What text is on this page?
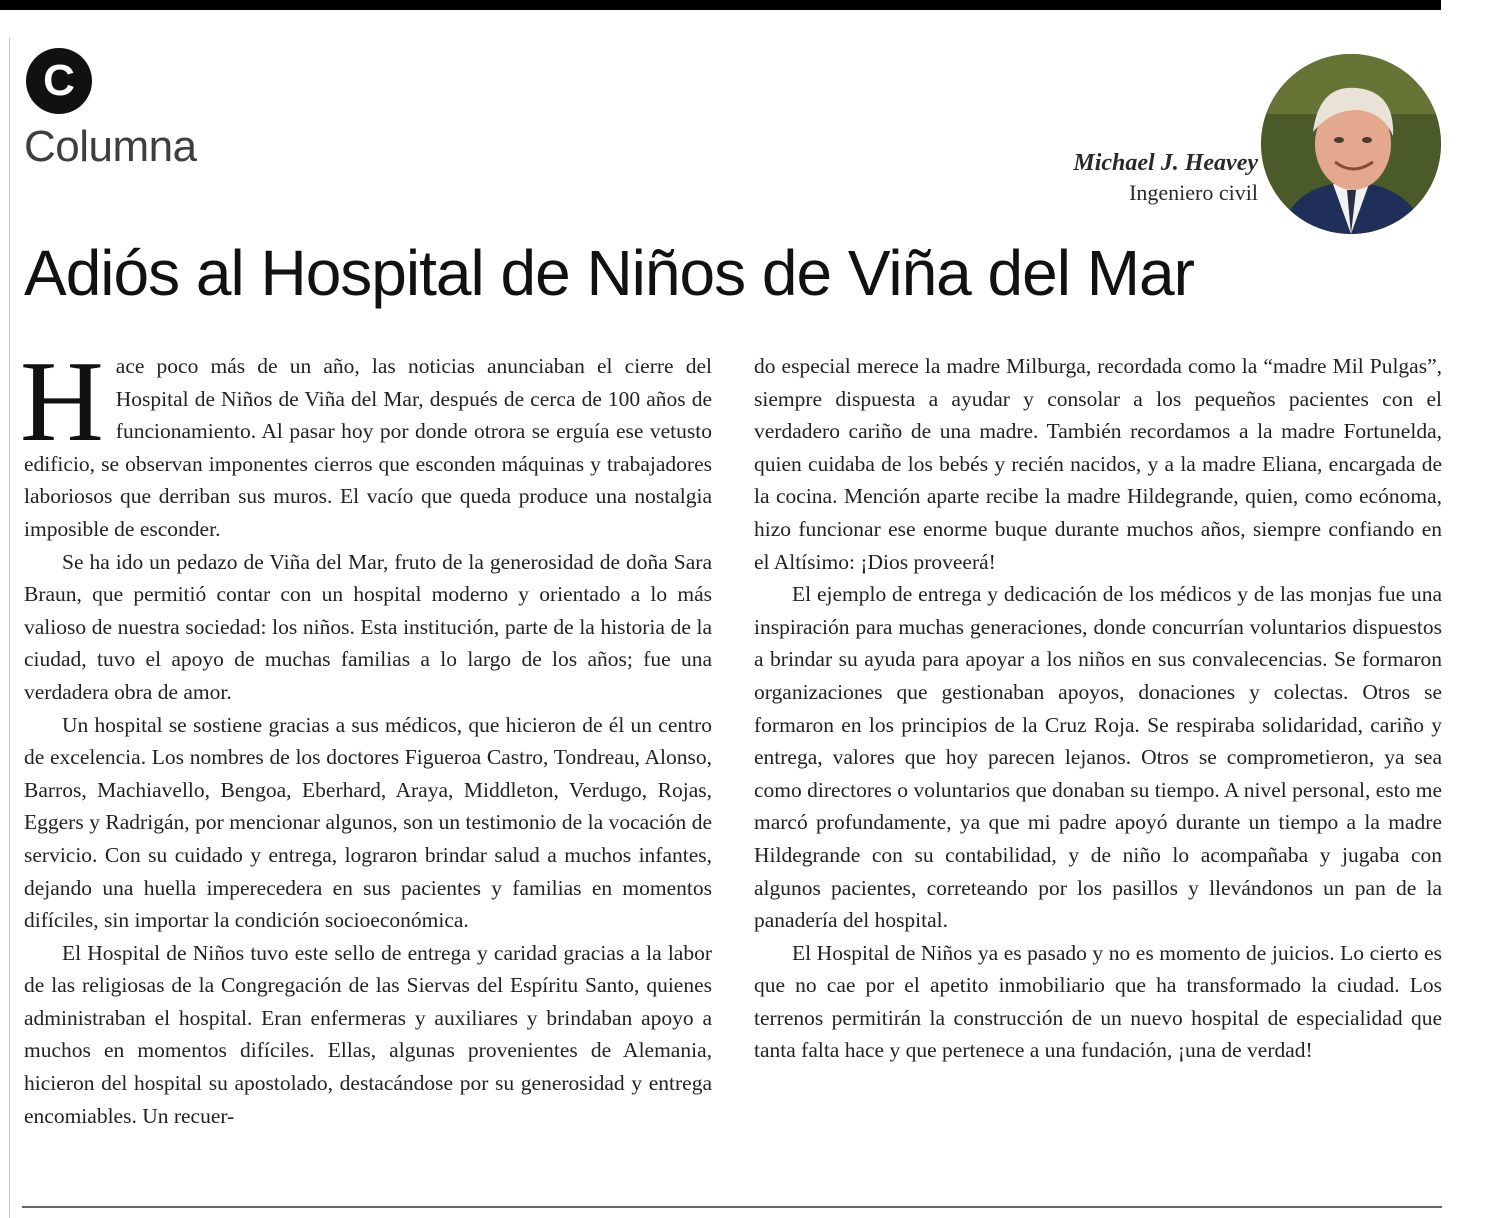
C
Columna	Michael J. Heavey
Ingeniero civil
Adiós al Hospital de Niños de Viña del Mar
H ace poco más de un año, las noticias anunciaban el cierre del Hospital de Niños de Viña del Mar, después de cerca de 100 años de funcionamiento. Al pasar hoy por donde otrora se erguía ese vetusto edificio, se observan imponentes cierros que esconden máquinas y trabajadores laboriosos que derriban sus muros. El vacío que queda produce una nostalgia imposible de esconder.

Se ha ido un pedazo de Viña del Mar, fruto de la generosidad de doña Sara Braun, que permitió contar con un hospital moderno y orientado a lo más valioso de nuestra sociedad: los niños. Esta institución, parte de la historia de la ciudad, tuvo el apoyo de muchas familias a lo largo de los años; fue una verdadera obra de amor.

Un hospital se sostiene gracias a sus médicos, que hicieron de él un centro de excelencia. Los nombres de los doctores Figueroa Castro, Tondreau, Alonso, Barros, Machiavello, Bengoa, Eberhard, Araya, Middleton, Verdugo, Rojas, Eggers y Radrigán, por mencionar algunos, son un testimonio de la vocación de servicio. Con su cuidado y entrega, lograron brindar salud a muchos infantes, dejando una huella imperecedera en sus pacientes y familias en momentos difíciles, sin importar la condición socioeconómica.

El Hospital de Niños tuvo este sello de entrega y caridad gracias a la labor de las religiosas de la Congregación de las Siervas del Espíritu Santo, quienes administraban el hospital. Eran enfermeras y auxiliares y brindaban apoyo a muchos en momentos difíciles. Ellas, algunas provenientes de Alemania, hicieron del hospital su apostolado, destacándose por su generosidad y entrega encomiables. Un recuer-

do especial merece la madre Milburga, recordada como la “madre Mil Pulgas”, siempre dispuesta a ayudar y consolar a los pequeños pacientes con el verdadero cariño de una madre. También recordamos a la madre Fortunelda, quien cuidaba de los bebés y recién nacidos, y a la madre Eliana, encargada de la cocina. Mención aparte recibe la madre Hildegrande, quien, como ecónoma, hizo funcionar ese enorme buque durante muchos años, siempre confiando en el Altísimo: ¡Dios proveerá!

El ejemplo de entrega y dedicación de los médicos y de las monjas fue una inspiración para muchas generaciones, donde concurrían voluntarios dispuestos a brindar su ayuda para apoyar a los niños en sus convalecencias. Se formaron organizaciones que gestionaban apoyos, donaciones y colectas. Otros se formaron en los principios de la Cruz Roja. Se respiraba solidaridad, cariño y entrega, valores que hoy parecen lejanos. Otros se comprometieron, ya sea como directores o voluntarios que donaban su tiempo. A nivel personal, esto me marcó profundamente, ya que mi padre apoyó durante un tiempo a la madre Hildegrande con su contabilidad, y de niño lo acompañaba y jugaba con algunos pacientes, correteando por los pasillos y llevándonos un pan de la panadería del hospital.

El Hospital de Niños ya es pasado y no es momento de juicios. Lo cierto es que no cae por el apetito inmobiliario que ha transformado la ciudad. Los terrenos permitirán la construcción de un nuevo hospital de especialidad que tanta falta hace y que pertenece a una fundación, ¡una de verdad!
